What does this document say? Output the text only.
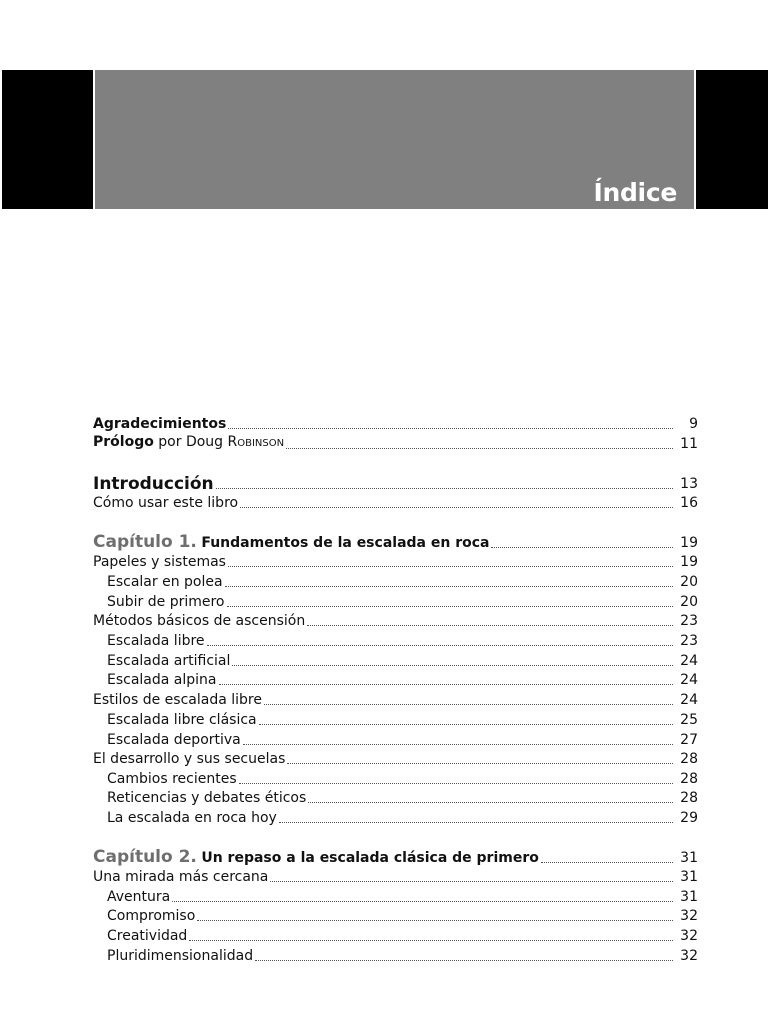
Índice
Agradecimientos	9
Prólogo por Doug ROBINSON	11
Introducción	13
Cómo usar este libro	16
Capítulo 1. Fundamentos de la escalada en roca	19
Papeles y sistemas	19
Escalar en polea	20
Subir de primero	20
Métodos básicos de ascensión	23
Escalada libre	23
Escalada artificial	24
Escalada alpina	24
Estilos de escalada libre	24
Escalada libre clásica	25
Escalada deportiva	27
El desarrollo y sus secuelas	28
Cambios recientes	28
Reticencias y debates éticos	28
La escalada en roca hoy	29
Capítulo 2. Un repaso a la escalada clásica de primero	31
Una mirada más cercana	31
Aventura	31
Compromiso	32
Creatividad	32
Pluridimensionalidad	32
